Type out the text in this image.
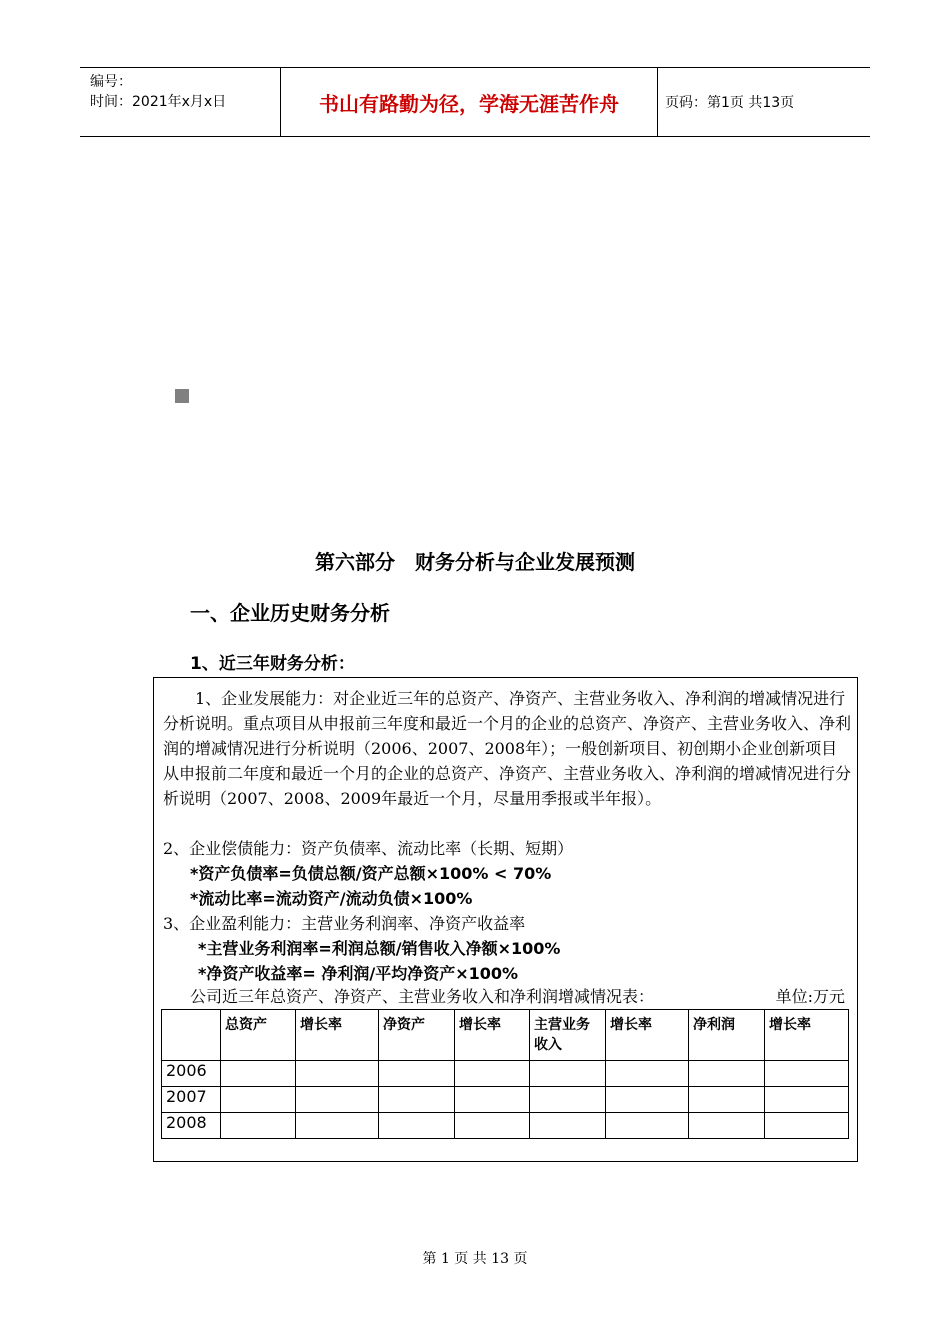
编号：
时间：2021年x月x日	书山有路勤为径，学海无涯苦作舟	页码：第1页 共13页
第六部分　财务分析与企业发展预测
一、企业历史财务分析
1、近三年财务分析：
1、企业发展能力：对企业近三年的总资产、净资产、主营业务收入、净利润的增减情况进行分析说明。重点项目从申报前三年度和最近一个月的企业的总资产、净资产、主营业务收入、净利润的增减情况进行分析说明（2006、2007、2008年）；一般创新项目、初创期小企业创新项目从申报前二年度和最近一个月的企业的总资产、净资产、主营业务收入、净利润的增减情况进行分析说明（2007、2008、2009年最近一个月，尽量用季报或半年报）。
2、企业偿债能力：资产负债率、流动比率（长期、短期）
*资产负债率=负债总额/资产总额×100% < 70%
*流动比率=流动资产/流动负债×100%
3、企业盈利能力：主营业务利润率、净资产收益率
*主营业务利润率=利润总额/销售收入净额×100%
*净资产收益率= 净利润/平均净资产×100%
公司近三年总资产、净资产、主营业务收入和净利润增减情况表：	单位:万元
	总资产	增长率	净资产	增长率	主营业务收入	增长率	净利润	增长率
2006								
2007								
2008								
第 1 页 共 13 页
